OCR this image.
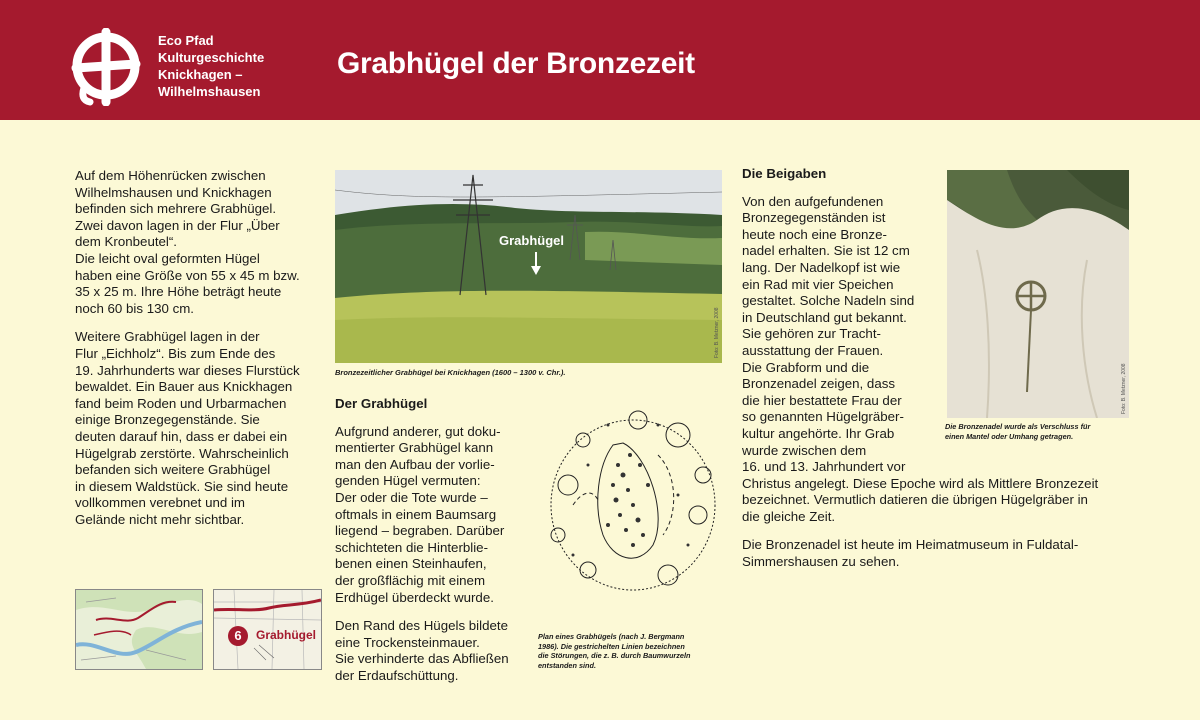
Eco Pfad
Kulturgeschichte
Knickhagen –
Wilhelmshausen
Grabhügel der Bronzezeit

Auf dem Höhenrücken zwischen
Wilhelmshausen und Knickhagen
befinden sich mehrere Grabhügel.
Zwei davon lagen in der Flur „Über
dem Kronbeutel“.
Die leicht oval geformten Hügel
haben eine Größe von 55 x 45 m bzw.
35 x 25 m. Ihre Höhe beträgt heute
noch 60 bis 130 cm.

Weitere Grabhügel lagen in der
Flur „Eichholz“. Bis zum Ende des
19. Jahrhunderts war dieses Flurstück
bewaldet. Ein Bauer aus Knickhagen
fand beim Roden und Urbarmachen
einige Bronzegegenstände. Sie
deuten darauf hin, dass er dabei ein
Hügelgrab zerstörte. Wahrscheinlich
befanden sich weitere Grabhügel
in diesem Waldstück. Sie sind heute
vollkommen verebnet und im
Gelände nicht mehr sichtbar.

6	Grabhügel
Grabhügel
Foto: B. Metzner, 2008
Bronzezeitlicher Grabhügel bei Knickhagen (1600 – 1300 v. Chr.).
Der Grabhügel

Aufgrund anderer, gut doku-
mentierter Grabhügel kann
man den Aufbau der vorlie-
genden Hügel vermuten:
Der oder die Tote wurde –
oftmals in einem Baumsarg
liegend – begraben. Darüber
schichteten die Hinterblie-
benen einen Steinhaufen,
der großflächig mit einem
Erdhügel überdeckt wurde.

Den Rand des Hügels bildete
eine Trockensteinmauer.
Sie verhinderte das Abfließen
der Erdaufschüttung.

Plan eines Grabhügels (nach J. Bergmann
1986). Die gestrichelten Linien bezeichnen
die Störungen, die z. B. durch Baumwurzeln
entstanden sind.
Die Beigaben

Von den aufgefundenen
Bronzegegenständen ist
heute noch eine Bronze-
nadel erhalten. Sie ist 12 cm
lang. Der Nadelkopf ist wie
ein Rad mit vier Speichen
gestaltet. Solche Nadeln sind
in Deutschland gut bekannt.
Sie gehören zur Tracht-
ausstattung der Frauen.
Die Grabform und die
Bronzenadel zeigen, dass
die hier bestattete Frau der
so genannten Hügelgräber-
kultur angehörte. Ihr Grab
wurde zwischen dem
16. und 13. Jahrhundert vor
Christus angelegt. Diese Epoche wird als Mittlere Bronzezeit
bezeichnet. Vermutlich datieren die übrigen Hügelgräber in
die gleiche Zeit.

Die Bronzenadel ist heute im Heimatmuseum in Fuldatal-
Simmershausen zu sehen.

Foto: B. Metzner, 2008
Die Bronzenadel wurde als Verschluss für
einen Mantel oder Umhang getragen.
